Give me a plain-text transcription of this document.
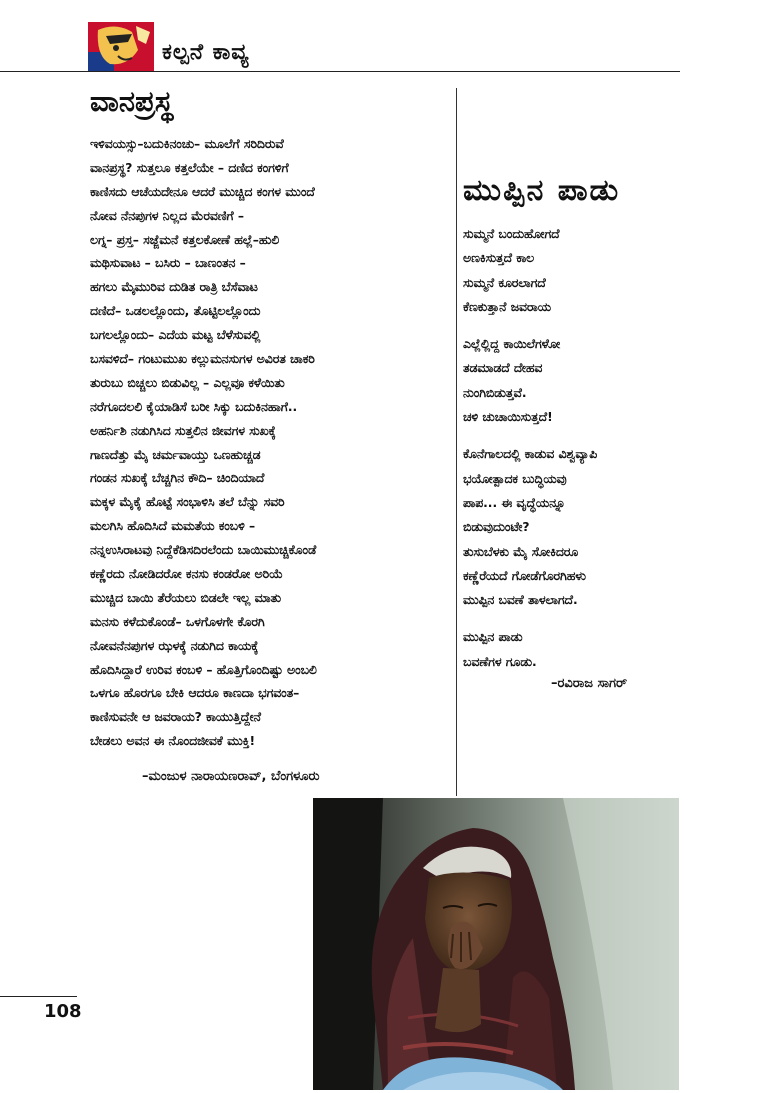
ಕಲ್ಪನೆ ಕಾವ್ಯ
ವಾನಪ್ರಸ್ಥ
ಇಳಿವಯಸ್ಸು–ಬದುಕಿನಂಚು– ಮೂಲೆಗೆ ಸರಿದಿರುವೆ
ವಾನಪ್ರಸ್ಥ? ಸುತ್ತಲೂ ಕತ್ತಲೆಯೇ – ದಣಿದ ಕಂಗಳಿಗೆ
ಕಾಣಿಸದು ಆಚೆಯದೇನೂ ಆದರೆ ಮುಚ್ಚಿದ ಕಂಗಳ ಮುಂದೆ
ನೋವ ನೆನಪುಗಳ ನಿಲ್ಲದ ಮೆರವಣಿಗೆ –
ಲಗ್ನ– ಪ್ರಸ್ತ– ಸಜ್ಜೆಮನೆ ಕತ್ತಲಕೋಣೆ ಹಲ್ಲೆ–ಹುಲಿ
ಮಥಿಸುವಾಟ – ಬಸಿರು – ಬಾಣಂತನ –
ಹಗಲು ಮೈಮುರಿವ ದುಡಿತ ರಾತ್ರಿ ಬೆಸೆವಾಟ
ದಣಿದೆ– ಒಡಲಲ್ಲೊಂದು, ತೊಟ್ಟಿಲಲ್ಲೊಂದು
ಬಗಲಲ್ಲೊಂದು– ಎದೆಯ ಮಟ್ಟ ಬೆಳೆಸುವಲ್ಲಿ
ಬಸವಳಿದೆ– ಗಂಟುಮುಖ ಕಲ್ಲುಮನಸುಗಳ ಅವಿರತ ಚಾಕರಿ
ತುರುಬು ಬಿಚ್ಚಲು ಬಿಡುವಿಲ್ಲ – ಎಲ್ಲವೂ ಕಳೆಯಿತು
ನರೆಗೂದಲಲಿ ಕೈಯಾಡಿಸೆ ಬರೀ ಸಿಕ್ಕು ಬದುಕಿನಹಾಗೆ..
ಅಹರ್ನಿಶಿ ನಡುಗಿಸಿದ ಸುತ್ತಲಿನ ಜೀವಗಳ ಸುಖಕ್ಕೆ
ಗಾಣದೆತ್ತು ಮೈ ಚರ್ಮವಾಯ್ತು ಒಣಹುಚ್ಚಡ
ಗಂಡನ ಸುಖಕ್ಕೆ ಬೆಚ್ಚಗಿನ ಕೌದಿ– ಚಿಂದಿಯಾದೆ
ಮಕ್ಕಳ ಮೈಕೈ ಹೊಟ್ಟೆ ಸಂಭಾಳಿಸಿ ತಲೆ ಬೆನ್ನು ಸವರಿ
ಮಲಗಿಸಿ ಹೊದಿಸಿದೆ ಮಮತೆಯ ಕಂಬಳಿ –
ನನ್ನಉಸಿರಾಟವು ನಿದ್ದೆಕೆಡಿಸದಿರಲೆಂದು ಬಾಯಿಮುಚ್ಚಿಕೊಂಡೆ
ಕಣ್ಣೆರದು ನೋಡಿದರೋ ಕನಸು ಕಂಡರೋ ಅರಿಯೆ
ಮುಚ್ಚಿದ ಬಾಯಿ ತೆರೆಯಲು ಬಿಡಲೇ ಇಲ್ಲ ಮಾತು
ಮನಸು ಕಳೆದುಕೊಂಡೆ– ಒಳಗೊಳಗೇ ಕೊರಗಿ
ನೋವನೆನಪುಗಳ ಝಳಕ್ಕೆ ನಡುಗಿದ ಕಾಯಕ್ಕೆ
ಹೊದಿಸಿದ್ದಾರೆ ಉರಿವ ಕಂಬಳಿ – ಹೊತ್ತಿಗೊಂದಿಷ್ಟು ಅಂಬಲಿ
ಒಳಗೂ ಹೊರಗೂ ಬೇಕಿ ಆದರೂ ಕಾಣದಾ ಭಗವಂತ–
ಕಾಣಿಸುವನೇ ಆ ಜವರಾಯ? ಕಾಯುತ್ತಿದ್ದೇನೆ
ಬೇಡಲು ಅವನ ಈ ನೊಂದಜೀವಕೆ ಮುಕ್ತಿ!
–ಮಂಜುಳ ನಾರಾಯಣರಾವ್, ಬೆಂಗಳೂರು
ಮುಪ್ಪಿನ ಪಾಡು
ಸುಮ್ಮನೆ ಬಂದುಹೋಗದೆ
ಅಣಕಿಸುತ್ತದೆ ಕಾಲ
ಸುಮ್ಮನೆ ಕೂರಲಾಗದೆ
ಕೆಣಕುತ್ತಾನೆ ಜವರಾಯ
ಎಲ್ಲೆಲ್ಲಿದ್ದ ಕಾಯಿಲೆಗಳೋ
ತಡಮಾಡದೆ ದೇಹವ
ನುಂಗಿಬಿಡುತ್ತವೆ.
ಚಳಿ ಚುಚಾಯಿಸುತ್ತದೆ!
ಕೊನೆಗಾಲದಲ್ಲಿ ಕಾಡುವ ವಿಶ್ವವ್ಯಾಪಿ
ಭಯೋತ್ಪಾದಕ ಬುದ್ಧಿಯವು
ಪಾಪ... ಈ ವೃದ್ಧೆಯನ್ನೂ
ಬಿಡುವುದುಂಟೇ?
ತುಸುಬೆಳಕು ಮೈ ಸೋಕಿದರೂ
ಕಣ್ಣೆರೆಯದೆ ಗೋಡೆಗೊರಗಿಹಳು
ಮುಪ್ಪಿನ ಬವಣೆ ತಾಳಲಾಗದೆ.
ಮುಪ್ಪಿನ ಪಾಡು
ಬವಣೆಗಳ ಗೂಡು.
–ರವಿರಾಜ ಸಾಗರ್
108
